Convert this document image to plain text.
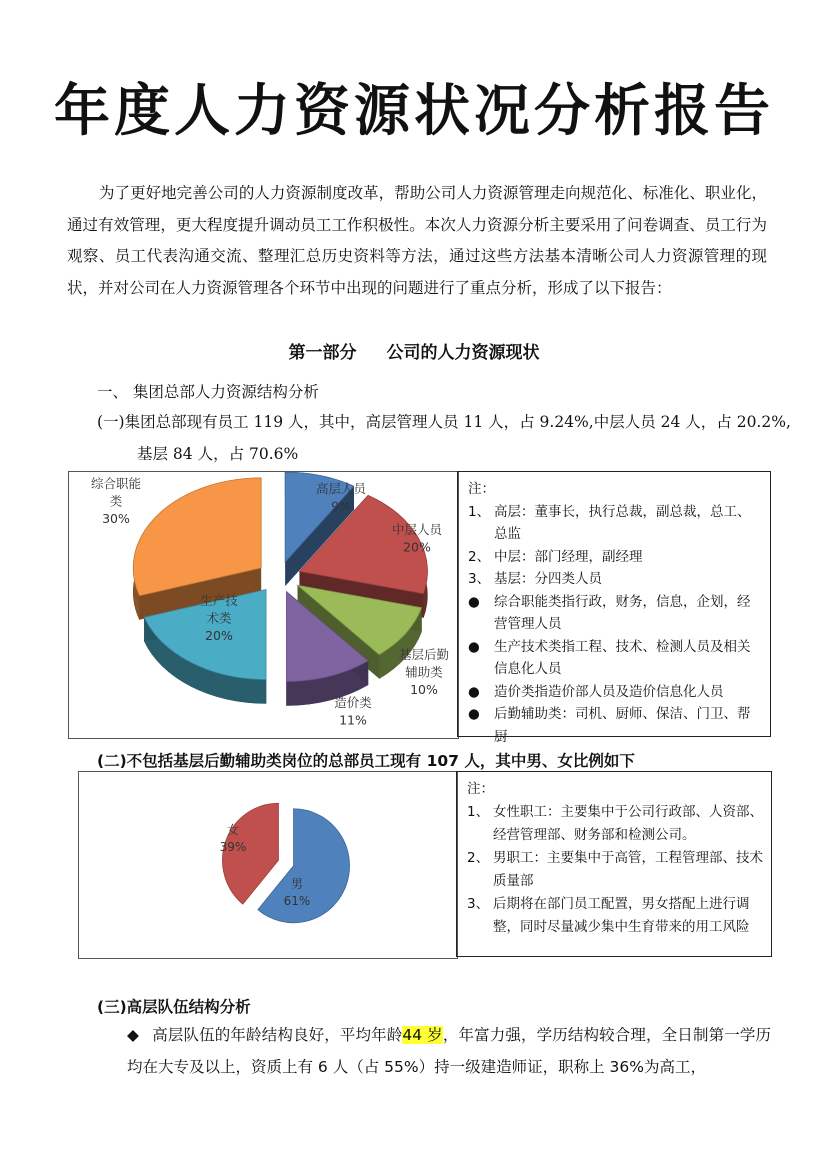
年度人力资源状况分析报告
为了更好地完善公司的人力资源制度改革，帮助公司人力资源管理走向规范化、标准化、职业化，通过有效管理，更大程度提升调动员工工作积极性。本次人力资源分析主要采用了问卷调查、员工行为观察、员工代表沟通交流、整理汇总历史资料等方法，通过这些方法基本清晰公司人力资源管理的现状，并对公司在人力资源管理各个环节中出现的问题进行了重点分析，形成了以下报告：
第一部分 公司的人力资源现状
一、 集团总部人力资源结构分析
(一)集团总部现有员工 119 人，其中，高层管理人员 11 人，占 9.24%,中层人员 24 人，占 20.2%,
基层 84 人，占 70.6%
高层人员 9%
中层人员 20%
基层后勤辅助类 10%
造价类 11%
生产技术类 20%
综合职能类 30%
注：
1、 高层：董事长，执行总裁，副总裁，总工、总监
2、 中层：部门经理，副经理
3、 基层：分四类人员
● 综合职能类指行政，财务，信息，企划，经营管理人员
● 生产技术类指工程、技术、检测人员及相关信息化人员
● 造价类指造价部人员及造价信息化人员
● 后勤辅助类：司机、厨师、保洁、门卫、帮厨
(二)不包括基层后勤辅助类岗位的总部员工现有 107 人，其中男、女比例如下
男 61%
女 39%
注：
1、 女性职工：主要集中于公司行政部、人资部、经营管理部、财务部和检测公司。
2、 男职工：主要集中于高管，工程管理部、技术质量部
3、 后期将在部门员工配置，男女搭配上进行调整，同时尽量减少集中生育带来的用工风险
(三)高层队伍结构分析
◆ 高层队伍的年龄结构良好，平均年龄44 岁，年富力强，学历结构较合理，全日制第一学历均在大专及以上，资质上有 6 人（占 55%）持一级建造师证，职称上 36%为高工，
